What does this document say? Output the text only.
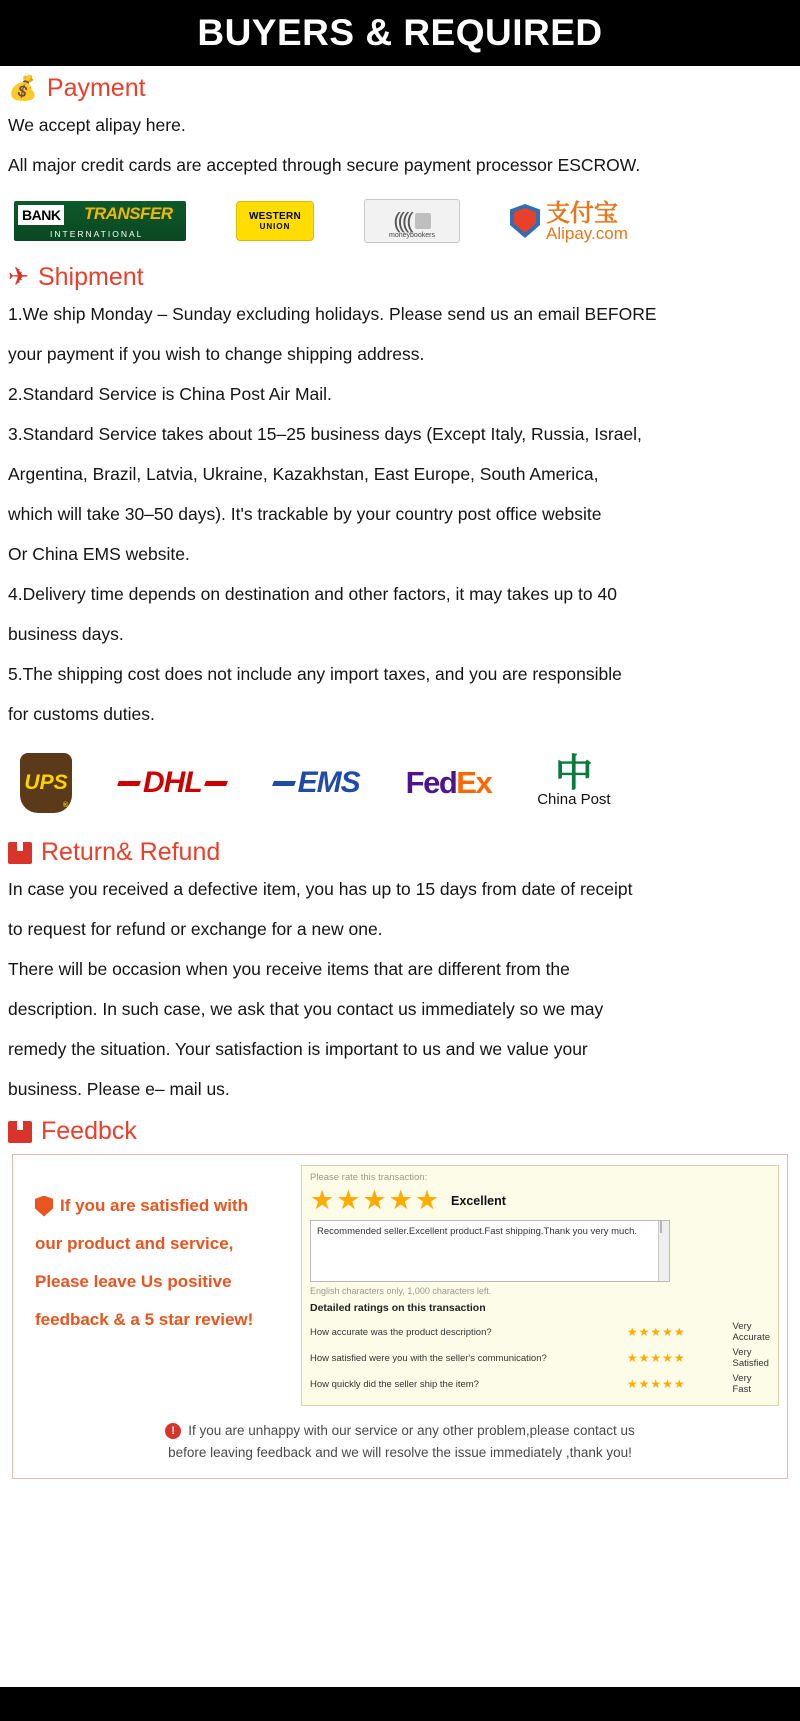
BUYERS & REQUIRED
💰 Payment

We accept alipay here.

All major credit cards are accepted through secure payment processor ESCROW.

BANK TRANSFER
INTERNATIONAL
WESTERN
UNION	((((
moneybookers
支付宝
Alipay.com
✈ Shipment

1.We ship Monday – Sunday excluding holidays. Please send us an email BEFORE

your payment if you wish to change shipping address.

2.Standard Service is China Post Air Mail.

3.Standard Service takes about 15–25 business days (Except Italy, Russia, Israel,

Argentina, Brazil, Latvia, Ukraine, Kazakhstan, East Europe, South America,

which will take 30–50 days). It's trackable by your country post office website

Or China EMS website.

4.Delivery time depends on destination and other factors, it may takes up to 40

business days.

5.The shipping cost does not include any import taxes, and you are responsible

for customs duties.

UPS
®
DHL	EMS FedEx 中
China Post
Return& Refund

In case you received a defective item, you has up to 15 days from date of receipt

to request for refund or exchange for a new one.

There will be occasion when you receive items that are different from the

description. In such case, we ask that you contact us immediately so we may

remedy the situation. Your satisfaction is important to us and we value your

business. Please e– mail us.

Feedbck
If you are satisfied with
our product and service,
Please leave Us positive
feedback & a 5 star review!
Please rate this transaction:
★★★★★ Excellent
Recommended seller.Excellent product.Fast shipping.Thank you very much.
English characters only, 1,000 characters left.
Detailed ratings on this transaction
How accurate was the product description?	★★★★★	Very Accurate
How satisfied were you with the seller's communication?	★★★★★	Very Satisfied
How quickly did the seller ship the item?	★★★★★	Very Fast
! If you are unhappy with our service or any other problem,please contact us
before leaving feedback and we will resolve the issue immediately ,thank you!
